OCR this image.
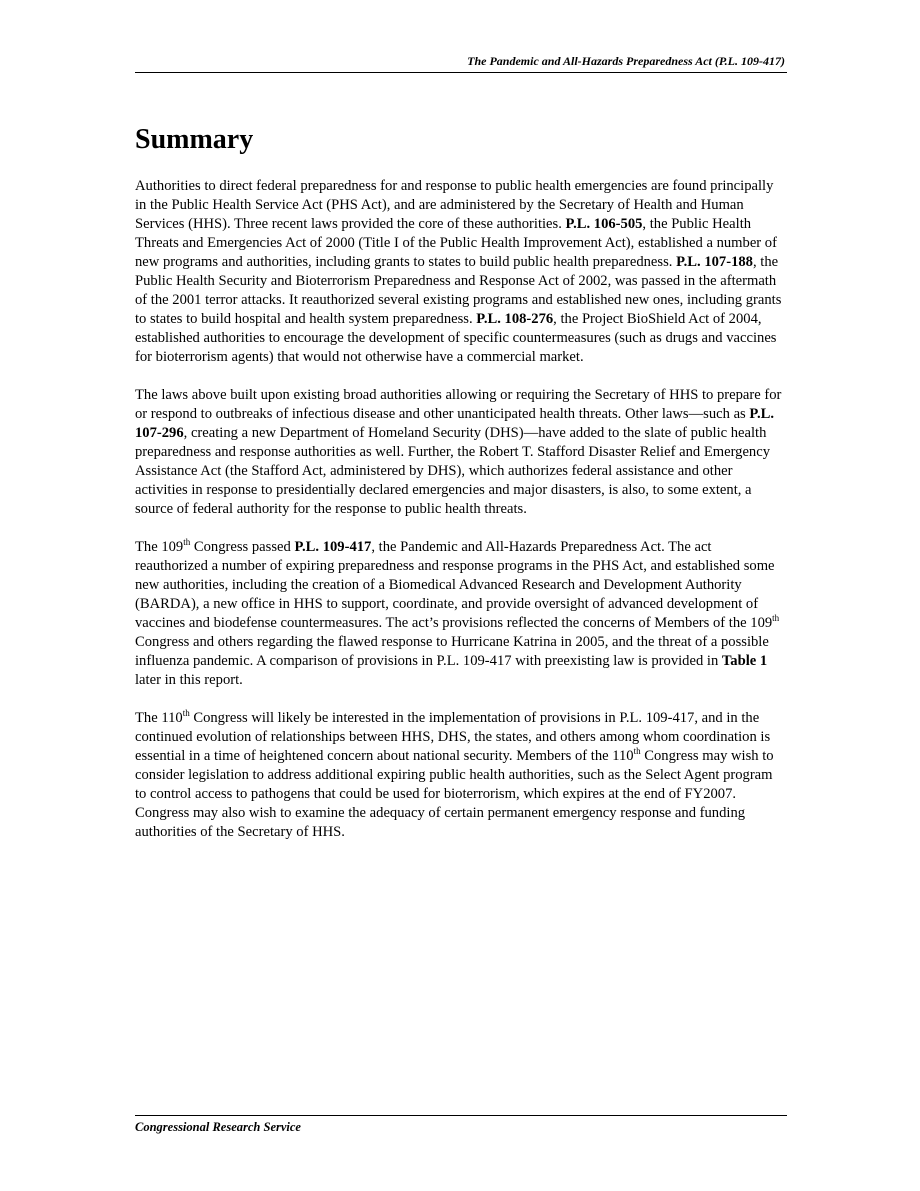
The Pandemic and All-Hazards Preparedness Act (P.L. 109-417)
Summary

Authorities to direct federal preparedness for and response to public health emergencies are found principally in the Public Health Service Act (PHS Act), and are administered by the Secretary of Health and Human Services (HHS). Three recent laws provided the core of these authorities. P.L. 106-505, the Public Health Threats and Emergencies Act of 2000 (Title I of the Public Health Improvement Act), established a number of new programs and authorities, including grants to states to build public health preparedness. P.L. 107-188, the Public Health Security and Bioterrorism Preparedness and Response Act of 2002, was passed in the aftermath of the 2001 terror attacks. It reauthorized several existing programs and established new ones, including grants to states to build hospital and health system preparedness. P.L. 108-276, the Project BioShield Act of 2004, established authorities to encourage the development of specific countermeasures (such as drugs and vaccines for bioterrorism agents) that would not otherwise have a commercial market.

The laws above built upon existing broad authorities allowing or requiring the Secretary of HHS to prepare for or respond to outbreaks of infectious disease and other unanticipated health threats. Other laws—such as P.L. 107-296, creating a new Department of Homeland Security (DHS)—have added to the slate of public health preparedness and response authorities as well. Further, the Robert T. Stafford Disaster Relief and Emergency Assistance Act (the Stafford Act, administered by DHS), which authorizes federal assistance and other activities in response to presidentially declared emergencies and major disasters, is also, to some extent, a source of federal authority for the response to public health threats.

The 109th Congress passed P.L. 109-417, the Pandemic and All-Hazards Preparedness Act. The act reauthorized a number of expiring preparedness and response programs in the PHS Act, and established some new authorities, including the creation of a Biomedical Advanced Research and Development Authority (BARDA), a new office in HHS to support, coordinate, and provide oversight of advanced development of vaccines and biodefense countermeasures. The act’s provisions reflected the concerns of Members of the 109th Congress and others regarding the flawed response to Hurricane Katrina in 2005, and the threat of a possible influenza pandemic. A comparison of provisions in P.L. 109-417 with preexisting law is provided in Table 1 later in this report.

The 110th Congress will likely be interested in the implementation of provisions in P.L. 109-417, and in the continued evolution of relationships between HHS, DHS, the states, and others among whom coordination is essential in a time of heightened concern about national security. Members of the 110th Congress may wish to consider legislation to address additional expiring public health authorities, such as the Select Agent program to control access to pathogens that could be used for bioterrorism, which expires at the end of FY2007. Congress may also wish to examine the adequacy of certain permanent emergency response and funding authorities of the Secretary of HHS.

Congressional Research Service
